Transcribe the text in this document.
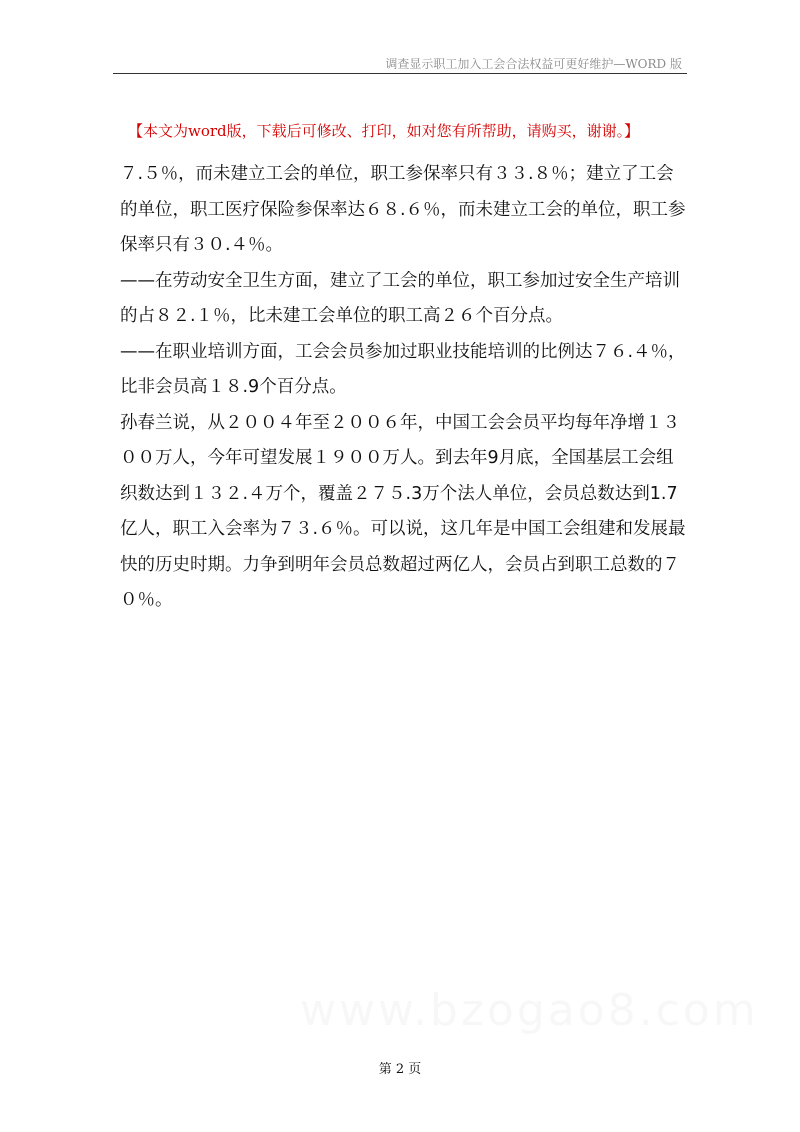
调查显示职工加入工会合法权益可更好维护—WORD 版
【本文为word版，下载后可修改、打印，如对您有所帮助，请购买，谢谢。】

７.５％，而未建立工会的单位，职工参保率只有３３.８％；建立了工会的单位，职工医疗保险参保率达６８.６％，而未建立工会的单位，职工参保率只有３０.４％。

——在劳动安全卫生方面，建立了工会的单位，职工参加过安全生产培训的占８２.１％，比未建工会单位的职工高２６个百分点。

——在职业培训方面，工会会员参加过职业技能培训的比例达７６.４％，比非会员高１８.9个百分点。

孙春兰说，从２００４年至２００６年，中国工会会员平均每年净增１３００万人，今年可望发展１９００万人。到去年9月底，全国基层工会组织数达到１３２.４万个，覆盖２７５.3万个法人单位，会员总数达到1.7亿人，职工入会率为７３.６％。可以说，这几年是中国工会组建和发展最快的历史时期。力争到明年会员总数超过两亿人，会员占到职工总数的７０％。

www.bzogao8.com
第 2 页
